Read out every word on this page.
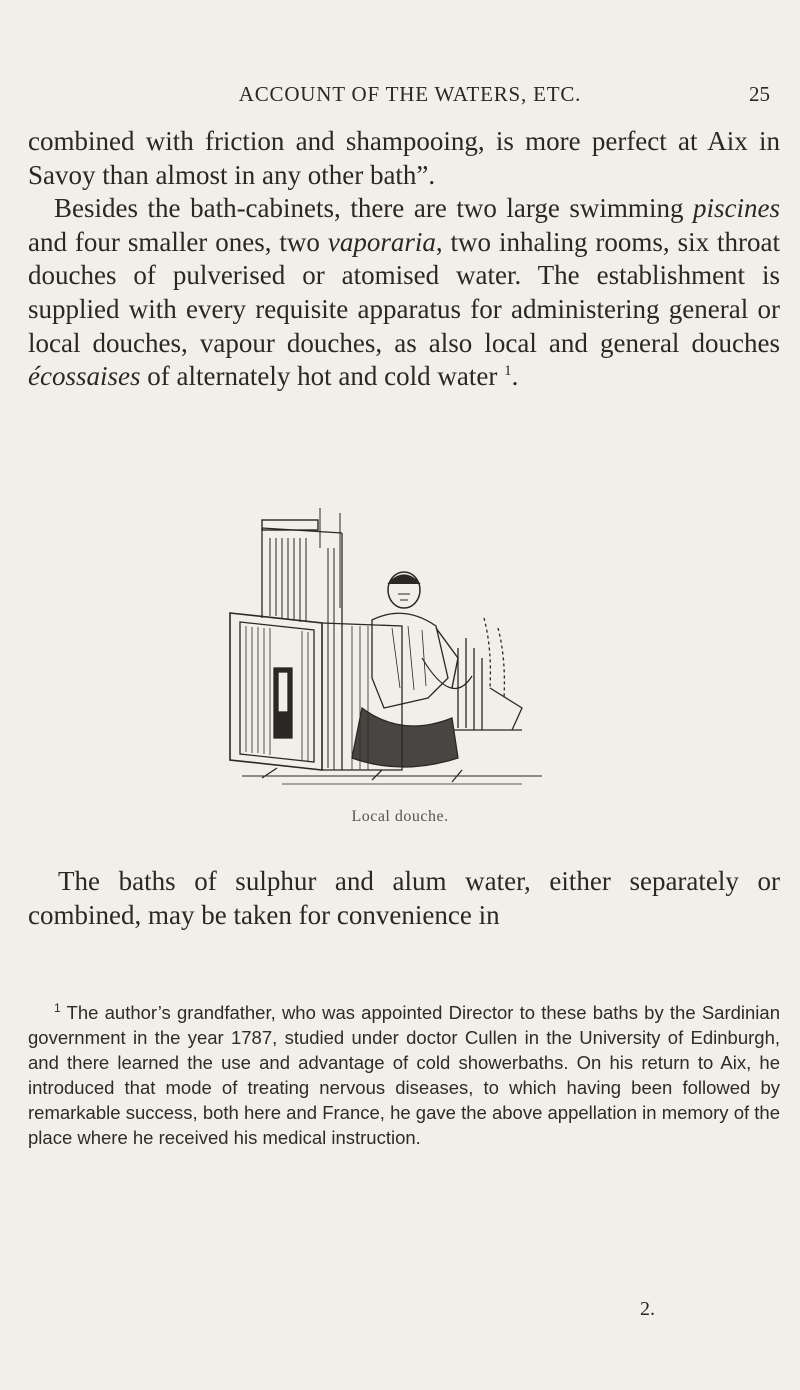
ACCOUNT OF THE WATERS, ETC.	25

combined with friction and shampooing, is more perfect at Aix in Savoy than almost in any other bath”.

Besides the bath-cabinets, there are two large swimming piscines and four smaller ones, two vaporaria, two inhaling rooms, six throat douches of pulverised or atomised water. The establishment is supplied with every requisite apparatus for administering general or local douches, vapour douches, as also local and general douches écossaises of alternately hot and cold water $^1$.

Local douche.
The baths of sulphur and alum water, either separately or combined, may be taken for convenience in
$^1$ The author’s grandfather, who was appointed Director to these baths by the Sardinian government in the year 1787, studied under doctor Cullen in the University of Edinburgh, and there learned the use and advantage of cold showerbaths. On his return to Aix, he introduced that mode of treating nervous diseases, to which having been followed by remarkable success, both here and France, he gave the above appellation in memory of the place where he received his medical instruction.
2.
